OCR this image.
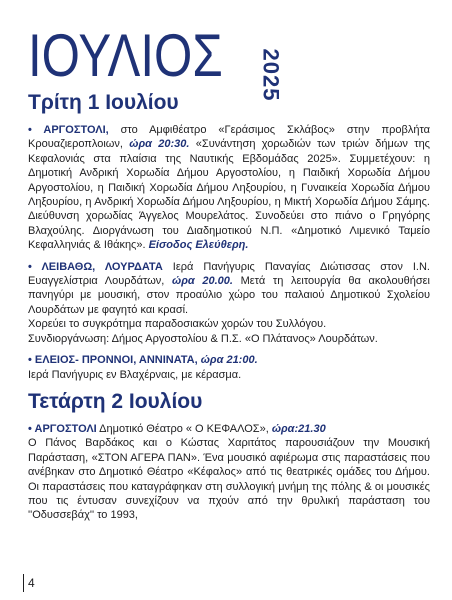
ΙΟΥΛΙΟΣ 2025
Τρίτη 1 Ιουλίου

• ΑΡΓΟΣΤΟΛΙ, στο Αμφιθέατρο «Γεράσιμος Σκλάβος» στην προβλήτα Κρουαζιεροπλοιων, ώρα 20:30. «Συνάντηση χορωδιών των τριών δήμων της Κεφαλονιάς στα πλαίσια της Ναυτικής Εβδομάδας 2025». Συμμετέχουν: η Δημοτική Ανδρική Χορωδία Δήμου Αργοστολίου, η Παιδική Χορωδία Δήμου Αργοστολίου, η Παιδική Χορωδία Δήμου Ληξουρίου, η Γυναικεία Χορωδία Δήμου Ληξουρίου, η Ανδρική Χορωδία Δήμου Ληξουρίου, η Μικτή Χορωδία Δήμου Σάμης. Διεύθυνση χορωδίας Άγγελος Μουρελάτος. Συνοδεύει στο πιάνο ο Γρηγόρης Βλαχούλης. Διοργάνωση του Διαδημοτικού Ν.Π. «Δημοτικό Λιμενικό Ταμείο Κεφαλληνιάς & Ιθάκης». Είσοδος Ελεύθερη.

• ΛΕΙΒΑΘΩ, ΛΟΥΡΔΑΤΑ Ιερά Πανήγυρις Παναγίας Διώτισσας στον Ι.Ν. Ευαγγελίστρια Λουρδάτων, ώρα 20.00. Μετά τη λειτουργία θα ακολουθήσει πανηγύρι με μουσική, στον προαύλιο χώρο του παλαιού Δημοτικού Σχολείου Λουρδάτων με φαγητό και κρασί.

Χορεύει το συγκρότημα παραδοσιακών χορών του Συλλόγου.

Συνδιοργάνωση: Δήμος Αργοστολίου & Π.Σ. «Ο Πλάτανος» Λουρδάτων.

• ΕΛΕΙΟΣ- ΠΡΟΝΝΟΙ, ΑΝΝΙΝΑΤΑ, ώρα 21:00.

Ιερά Πανήγυρις εν Βλαχέρναις, με κέρασμα.

Τετάρτη 2 Ιουλίου

• ΑΡΓΟΣΤΟΛΙ Δημοτικό Θέατρο « Ο ΚΕΦΑΛΟΣ», ώρα:21.30

Ο Πάνος Βαρδάκος και ο Κώστας Χαριτάτος παρουσιάζουν την Μουσική Παράσταση, «ΣΤΟΝ ΑΓΕΡΑ ΠΑΝ». Ένα μουσικό αφιέρωμα στις παραστάσεις που ανέβηκαν στο Δημοτικό Θέατρο «Κέφαλος» από τις θεατρικές ομάδες του Δήμου. Οι παραστάσεις που καταγράφηκαν στη συλλογική μνήμη της πόλης & οι μουσικές που τις έντυσαν συνεχίζουν να πχούν από την θρυλική παράσταση του ''Οδυσσεβάχ'' το 1993,

4
